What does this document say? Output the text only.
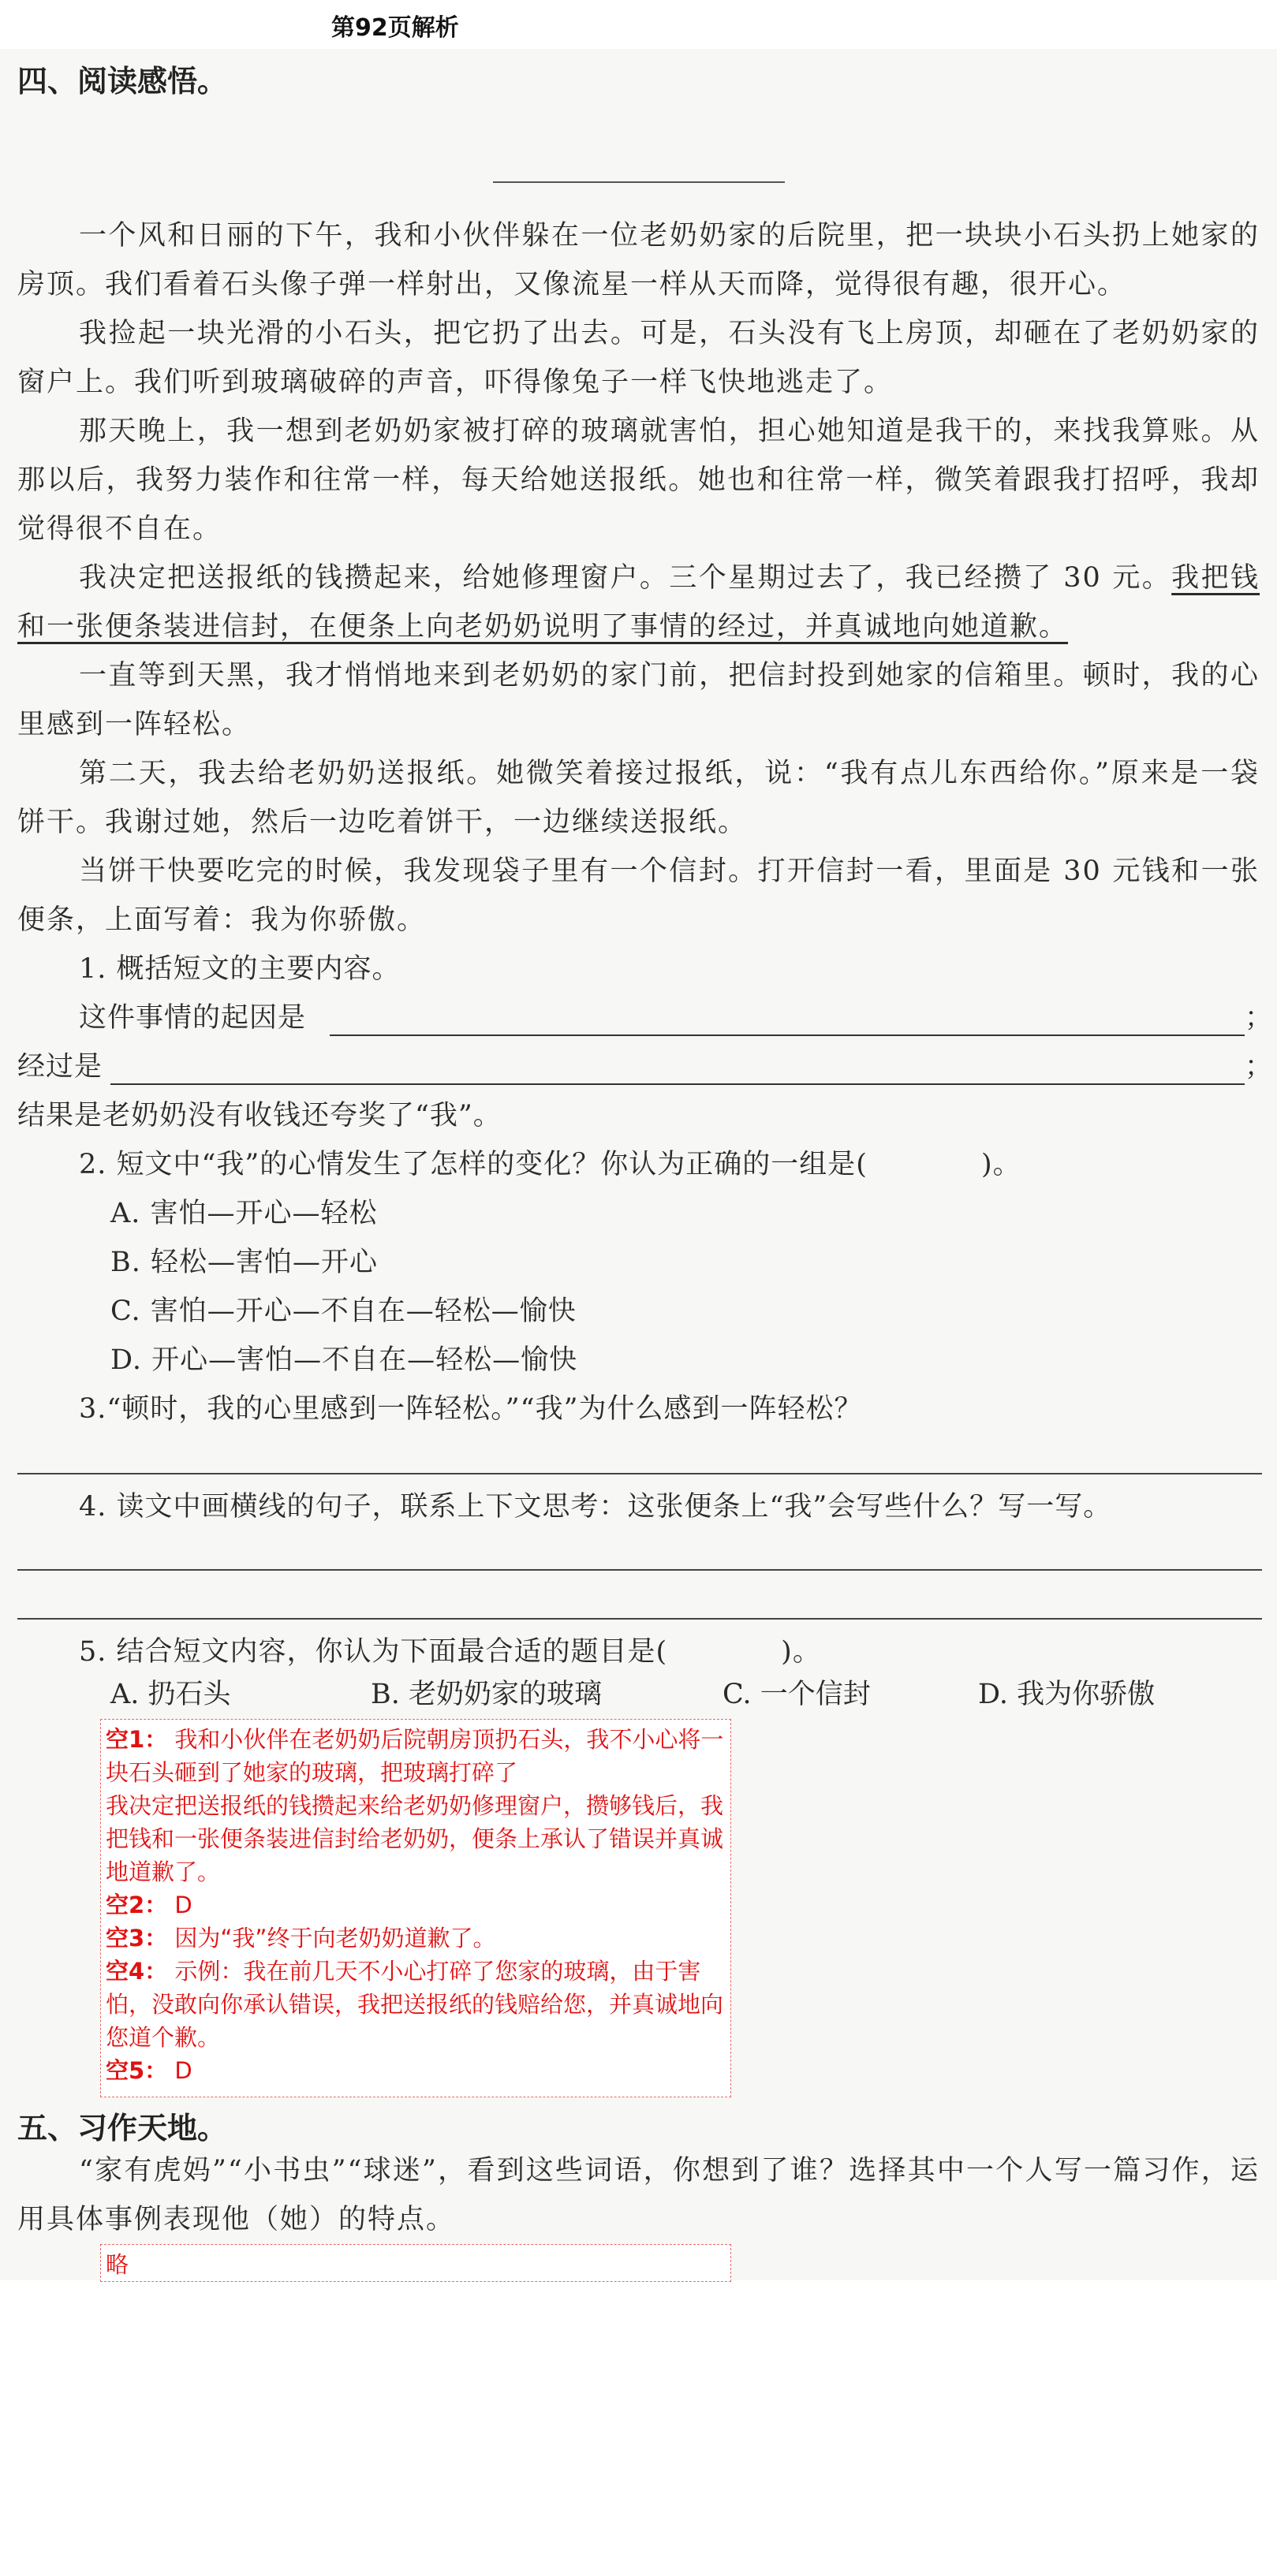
第92页解析
四、阅读感悟。

一个风和日丽的下午，我和小伙伴躲在一位老奶奶家的后院里，把一块块小石头扔上她家的房顶。我们看着石头像子弹一样射出，又像流星一样从天而降，觉得很有趣，很开心。

我捡起一块光滑的小石头，把它扔了出去。可是，石头没有飞上房顶，却砸在了老奶奶家的窗户上。我们听到玻璃破碎的声音，吓得像兔子一样飞快地逃走了。

那天晚上，我一想到老奶奶家被打碎的玻璃就害怕，担心她知道是我干的，来找我算账。从那以后，我努力装作和往常一样，每天给她送报纸。她也和往常一样，微笑着跟我打招呼，我却觉得很不自在。

我决定把送报纸的钱攒起来，给她修理窗户。三个星期过去了，我已经攒了 30 元。我把钱和一张便条装进信封，在便条上向老奶奶说明了事情的经过，并真诚地向她道歉。

一直等到天黑，我才悄悄地来到老奶奶的家门前，把信封投到她家的信箱里。顿时，我的心里感到一阵轻松。

第二天，我去给老奶奶送报纸。她微笑着接过报纸，说：“我有点儿东西给你。”原来是一袋饼干。我谢过她，然后一边吃着饼干，一边继续送报纸。

当饼干快要吃完的时候，我发现袋子里有一个信封。打开信封一看，里面是 30 元钱和一张便条，上面写着：我为你骄傲。

1. 概括短文的主要内容。
这件事情的起因是	；
经过是	；
结果是老奶奶没有收钱还夸奖了“我”。
2. 短文中“我”的心情发生了怎样的变化？你认为正确的一组是(　　　　)。
A. 害怕—开心—轻松
B. 轻松—害怕—开心
C. 害怕—开心—不自在—轻松—愉快
D. 开心—害怕—不自在—轻松—愉快
3.“顿时，我的心里感到一阵轻松。”“我”为什么感到一阵轻松？
4. 读文中画横线的句子，联系上下文思考：这张便条上“我”会写些什么？写一写。
5. 结合短文内容，你认为下面最合适的题目是(　　　　)。
A. 扔石头	B. 老奶奶家的玻璃	C. 一个信封	D. 我为你骄傲

空1： 我和小伙伴在老奶奶后院朝房顶扔石头，我不小心将一块石头砸到了她家的玻璃，把玻璃打碎了

我决定把送报纸的钱攒起来给老奶奶修理窗户，攒够钱后，我把钱和一张便条装进信封给老奶奶，便条上承认了错误并真诚地道歉了。

空2： D

空3： 因为“我”终于向老奶奶道歉了。

空4： 示例：我在前几天不小心打碎了您家的玻璃，由于害怕，没敢向你承认错误，我把送报纸的钱赔给您，并真诚地向您道个歉。

空5： D

五、习作天地。

“家有虎妈”“小书虫”“球迷”，看到这些词语，你想到了谁？选择其中一个人写一篇习作，运用具体事例表现他（她）的特点。

略
